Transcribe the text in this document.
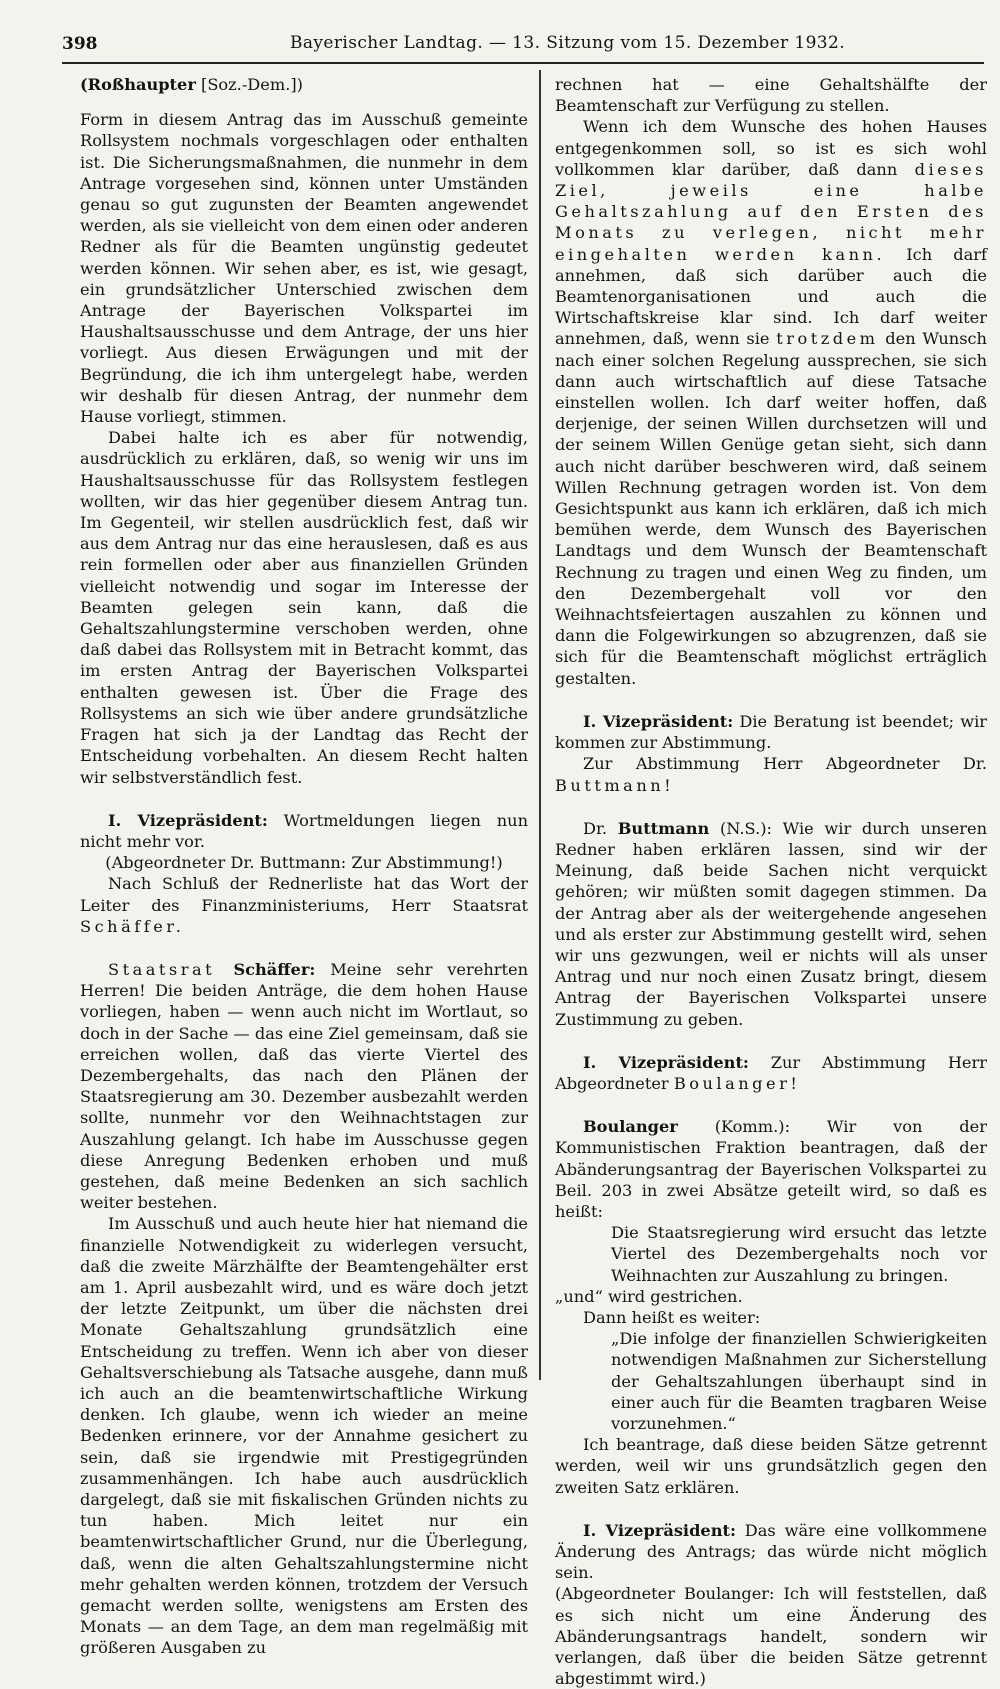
398	Bayerischer Landtag. — 13. Sitzung vom 15. Dezember 1932.

(Roßhaupter [Soz.-Dem.])

Form in diesem Antrag das im Ausschuß gemeinte Rollsystem nochmals vorgeschlagen oder enthalten ist. Die Sicherungsmaßnahmen, die nunmehr in dem Antrage vorgesehen sind, können unter Umständen genau so gut zugunsten der Beamten angewendet werden, als sie vielleicht von dem einen oder anderen Redner als für die Beamten ungünstig gedeutet werden können. Wir sehen aber, es ist, wie gesagt, ein grundsätzlicher Unterschied zwischen dem Antrage der Bayerischen Volkspartei im Haushaltsausschusse und dem Antrage, der uns hier vorliegt. Aus diesen Erwägungen und mit der Begründung, die ich ihm untergelegt habe, werden wir deshalb für diesen Antrag, der nunmehr dem Hause vorliegt, stimmen.

Dabei halte ich es aber für notwendig, ausdrücklich zu erklären, daß, so wenig wir uns im Haushaltsausschusse für das Rollsystem festlegen wollten, wir das hier gegenüber diesem Antrag tun. Im Gegenteil, wir stellen ausdrücklich fest, daß wir aus dem Antrag nur das eine herauslesen, daß es aus rein formellen oder aber aus finanziellen Gründen vielleicht notwendig und sogar im Interesse der Beamten gelegen sein kann, daß die Gehaltszahlungstermine verschoben werden, ohne daß dabei das Rollsystem mit in Betracht kommt, das im ersten Antrag der Bayerischen Volkspartei enthalten gewesen ist. Über die Frage des Rollsystems an sich wie über andere grundsätzliche Fragen hat sich ja der Landtag das Recht der Entscheidung vorbehalten. An diesem Recht halten wir selbstverständlich fest.

I. Vizepräsident: Wortmeldungen liegen nun nicht mehr vor.

(Abgeordneter Dr. Buttmann: Zur Abstimmung!)

Nach Schluß der Rednerliste hat das Wort der Leiter des Finanzministeriums, Herr Staatsrat Schäffer.

Staatsrat Schäffer: Meine sehr verehrten Herren! Die beiden Anträge, die dem hohen Hause vorliegen, haben — wenn auch nicht im Wortlaut, so doch in der Sache — das eine Ziel gemeinsam, daß sie erreichen wollen, daß das vierte Viertel des Dezembergehalts, das nach den Plänen der Staatsregierung am 30. Dezember ausbezahlt werden sollte, nunmehr vor den Weihnachtstagen zur Auszahlung gelangt. Ich habe im Ausschusse gegen diese Anregung Bedenken erhoben und muß gestehen, daß meine Bedenken an sich sachlich weiter bestehen.

Im Ausschuß und auch heute hier hat niemand die finanzielle Notwendigkeit zu widerlegen versucht, daß die zweite Märzhälfte der Beamtengehälter erst am 1. April ausbezahlt wird, und es wäre doch jetzt der letzte Zeitpunkt, um über die nächsten drei Monate Gehaltszahlung grundsätzlich eine Entscheidung zu treffen. Wenn ich aber von dieser Gehaltsverschiebung als Tatsache ausgehe, dann muß ich auch an die beamtenwirtschaftliche Wirkung denken. Ich glaube, wenn ich wieder an meine Bedenken erinnere, vor der Annahme gesichert zu sein, daß sie irgendwie mit Prestigegründen zusammenhängen. Ich habe auch ausdrücklich dargelegt, daß sie mit fiskalischen Gründen nichts zu tun haben. Mich leitet nur ein beamtenwirtschaftlicher Grund, nur die Überlegung, daß, wenn die alten Gehaltszahlungstermine nicht mehr gehalten werden können, trotzdem der Versuch gemacht werden sollte, wenigstens am Ersten des Monats — an dem Tage, an dem man regelmäßig mit größeren Ausgaben zu

rechnen hat — eine Gehaltshälfte der Beamtenschaft zur Verfügung zu stellen.

Wenn ich dem Wunsche des hohen Hauses entgegenkommen soll, so ist es sich wohl vollkommen klar darüber, daß dann dieses Ziel, jeweils eine halbe Gehaltszahlung auf den Ersten des Monats zu verlegen, nicht mehr eingehalten werden kann. Ich darf annehmen, daß sich darüber auch die Beamtenorganisationen und auch die Wirtschaftskreise klar sind. Ich darf weiter annehmen, daß, wenn sie trotzdem den Wunsch nach einer solchen Regelung aussprechen, sie sich dann auch wirtschaftlich auf diese Tatsache einstellen wollen. Ich darf weiter hoffen, daß derjenige, der seinen Willen durchsetzen will und der seinem Willen Genüge getan sieht, sich dann auch nicht darüber beschweren wird, daß seinem Willen Rechnung getragen worden ist. Von dem Gesichtspunkt aus kann ich erklären, daß ich mich bemühen werde, dem Wunsch des Bayerischen Landtags und dem Wunsch der Beamtenschaft Rechnung zu tragen und einen Weg zu finden, um den Dezembergehalt voll vor den Weihnachtsfeiertagen auszahlen zu können und dann die Folgewirkungen so abzugrenzen, daß sie sich für die Beamtenschaft möglichst erträglich gestalten.

I. Vizepräsident: Die Beratung ist beendet; wir kommen zur Abstimmung.

Zur Abstimmung Herr Abgeordneter Dr. Buttmann!

Dr. Buttmann (N.S.): Wie wir durch unseren Redner haben erklären lassen, sind wir der Meinung, daß beide Sachen nicht verquickt gehören; wir müßten somit dagegen stimmen. Da der Antrag aber als der weitergehende angesehen und als erster zur Abstimmung gestellt wird, sehen wir uns gezwungen, weil er nichts will als unser Antrag und nur noch einen Zusatz bringt, diesem Antrag der Bayerischen Volkspartei unsere Zustimmung zu geben.

I. Vizepräsident: Zur Abstimmung Herr Abgeordneter Boulanger!

Boulanger (Komm.): Wir von der Kommunistischen Fraktion beantragen, daß der Abänderungsantrag der Bayerischen Volkspartei zu Beil. 203 in zwei Absätze geteilt wird, so daß es heißt:

Die Staatsregierung wird ersucht das letzte Viertel des Dezembergehalts noch vor Weihnachten zur Auszahlung zu bringen.

„und“ wird gestrichen.

Dann heißt es weiter:

„Die infolge der finanziellen Schwierigkeiten notwendigen Maßnahmen zur Sicherstellung der Gehaltszahlungen überhaupt sind in einer auch für die Beamten tragbaren Weise vorzunehmen.“

Ich beantrage, daß diese beiden Sätze getrennt werden, weil wir uns grundsätzlich gegen den zweiten Satz erklären.

I. Vizepräsident: Das wäre eine vollkommene Änderung des Antrags; das würde nicht möglich sein.

(Abgeordneter Boulanger: Ich will feststellen, daß es sich nicht um eine Änderung des Abänderungsantrags handelt, sondern wir verlangen, daß über die beiden Sätze getrennt abgestimmt wird.)
